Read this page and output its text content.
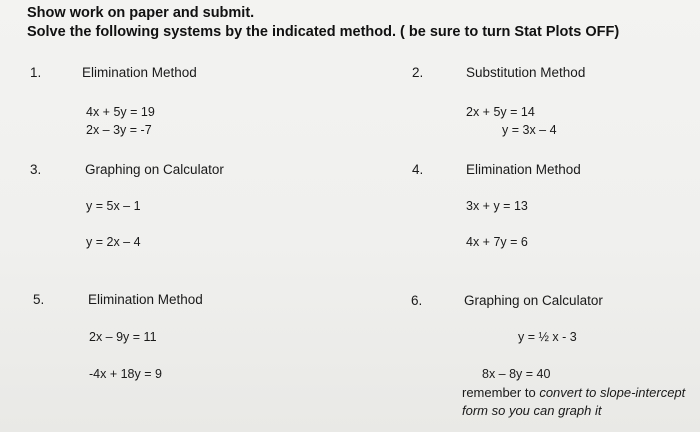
Show work on paper and submit.
Solve the following systems by the indicated method. ( be sure to turn Stat Plots OFF)
1.	Elimination Method
4x + 5y = 19
2x – 3y = -7
2.	Substitution Method
2x + 5y = 14
y = 3x – 4
3.	Graphing on Calculator
y = 5x – 1
y = 2x – 4
4.	Elimination Method
3x + y = 13
4x + 7y = 6
5.	Elimination Method
2x – 9y = 11
-4x + 18y = 9
6.	Graphing on Calculator
y = ½ x - 3
8x – 8y = 40
remember to convert to slope-intercept
form so you can graph it
